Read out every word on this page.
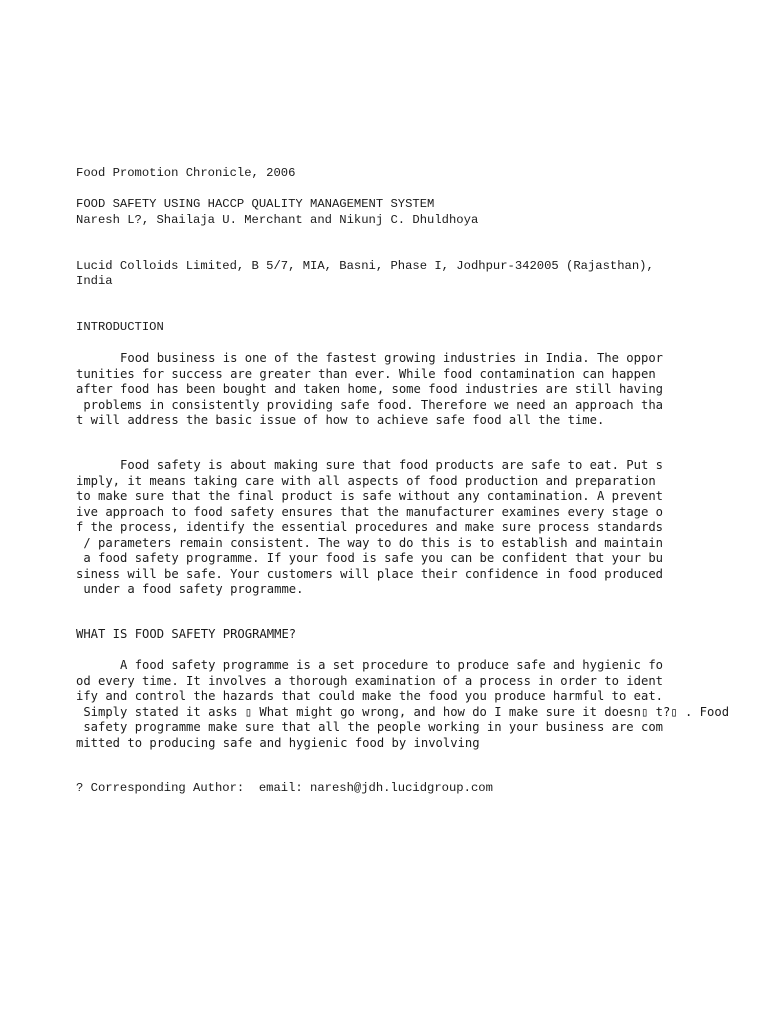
Food Promotion Chronicle, 2006
FOOD SAFETY USING HACCP QUALITY MANAGEMENT SYSTEM
Naresh L?, Shailaja U. Merchant and Nikunj C. Dhuldhoya
Lucid Colloids Limited, B 5/7, MIA, Basni, Phase I, Jodhpur-342005 (Rajasthan),
India
INTRODUCTION
Food business is one of the fastest growing industries in India. The oppor
tunities for success are greater than ever. While food contamination can happen
after food has been bought and taken home, some food industries are still having
problems in consistently providing safe food. Therefore we need an approach tha
t will address the basic issue of how to achieve safe food all the time.
Food safety is about making sure that food products are safe to eat. Put s
imply, it means taking care with all aspects of food production and preparation
to make sure that the final product is safe without any contamination. A prevent
ive approach to food safety ensures that the manufacturer examines every stage o
f the process, identify the essential procedures and make sure process standards
/ parameters remain consistent. The way to do this is to establish and maintain
a food safety programme. If your food is safe you can be confident that your bu
siness will be safe. Your customers will place their confidence in food produced
under a food safety programme.
WHAT IS FOOD SAFETY PROGRAMME?
A food safety programme is a set procedure to produce safe and hygienic fo
od every time. It involves a thorough examination of a process in order to ident
ify and control the hazards that could make the food you produce harmful to eat.
Simply stated it asks ▯ What might go wrong, and how do I make sure it doesn▯ t?▯ . Food
safety programme make sure that all the people working in your business are com
mitted to producing safe and hygienic food by involving
? Corresponding Author:  email: naresh@jdh.lucidgroup.com
